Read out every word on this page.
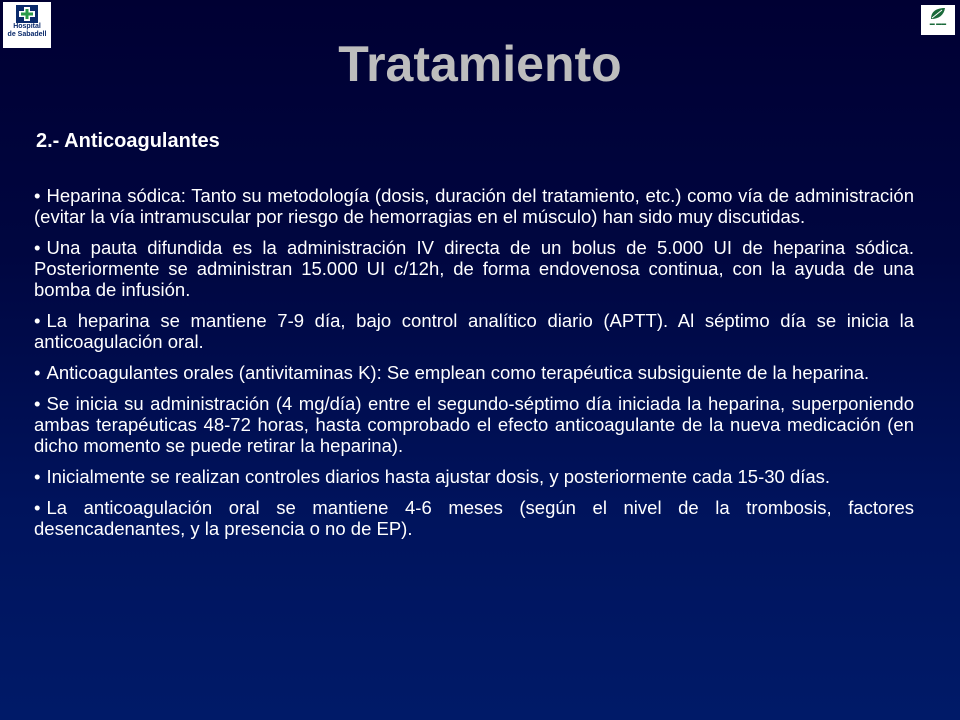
Hospital
de Sabadell
▬ ▬▬
Tratamiento
2.- Anticoagulantes
• Heparina sódica: Tanto su metodología (dosis, duración del tratamiento, etc.) como vía de administración (evitar la vía intramuscular por riesgo de hemorragias en el músculo) han sido muy discutidas.
• Una pauta difundida es la administración IV directa de un bolus de 5.000 UI de heparina sódica. Posteriormente se administran 15.000 UI c/12h, de forma endovenosa continua, con la ayuda de una bomba de infusión.
• La heparina se mantiene 7-9 día, bajo control analítico diario (APTT). Al séptimo día se inicia la anticoagulación oral.
• Anticoagulantes orales (antivitaminas K): Se emplean como terapéutica subsiguiente de la heparina.
• Se inicia su administración (4 mg/día) entre el segundo-séptimo día iniciada la heparina, superponiendo ambas terapéuticas 48-72 horas, hasta comprobado el efecto anticoagulante de la nueva medicación (en dicho momento se puede retirar la heparina).
• Inicialmente se realizan controles diarios hasta ajustar dosis, y posteriormente cada 15-30 días.
• La anticoagulación oral se mantiene 4-6 meses (según el nivel de la trombosis, factores desencadenantes, y la presencia o no de EP).
